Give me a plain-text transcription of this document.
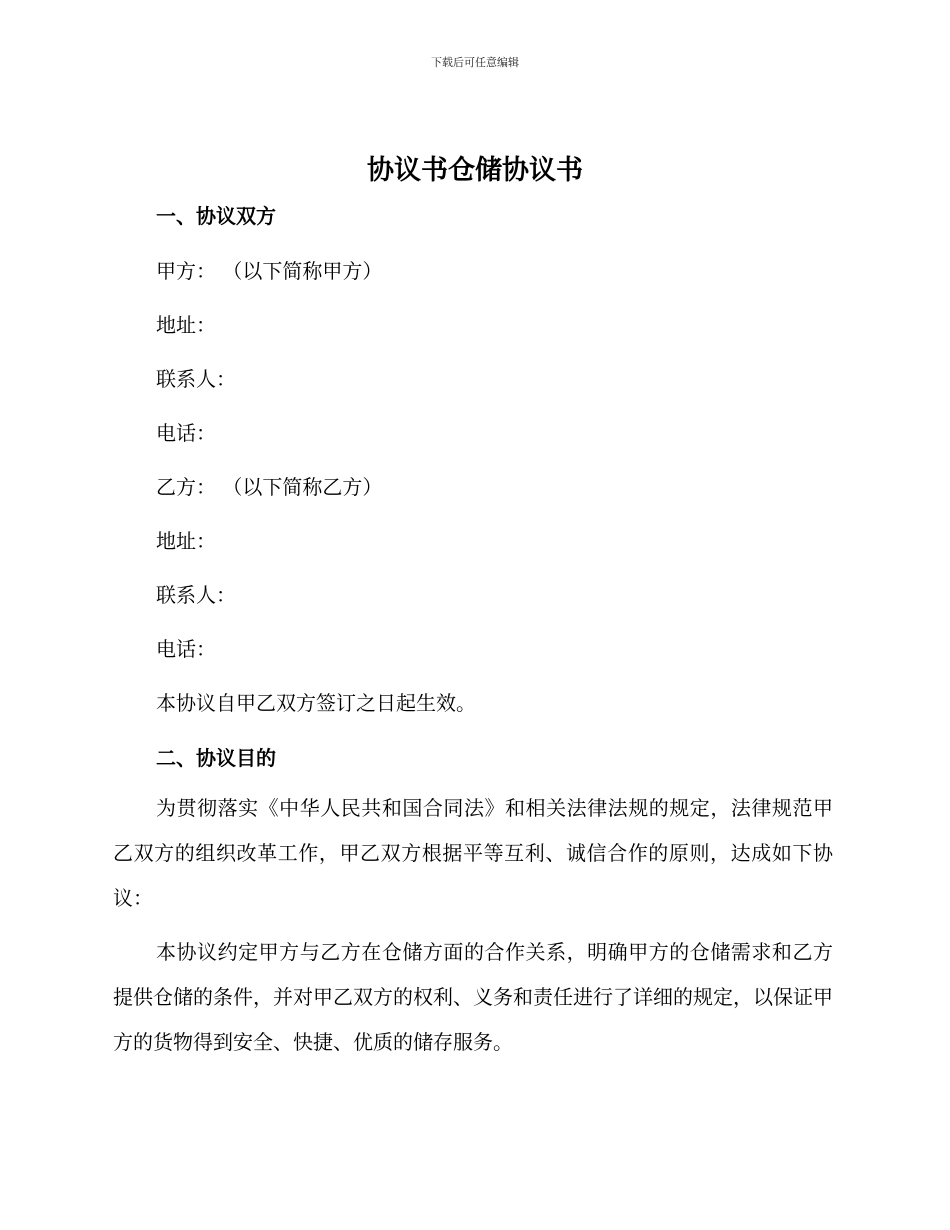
下载后可任意编辑
协议书仓储协议书
一、协议双方
甲方： （以下简称甲方）
地址：
联系人：
电话：
乙方： （以下简称乙方）
地址：
联系人：
电话：
本协议自甲乙双方签订之日起生效。
二、协议目的
为贯彻落实《中华人民共和国合同法》和相关法律法规的规定，法律规范甲乙双方的组织改革工作，甲乙双方根据平等互利、诚信合作的原则，达成如下协议：
本协议约定甲方与乙方在仓储方面的合作关系，明确甲方的仓储需求和乙方提供仓储的条件，并对甲乙双方的权利、义务和责任进行了详细的规定，以保证甲方的货物得到安全、快捷、优质的储存服务。
